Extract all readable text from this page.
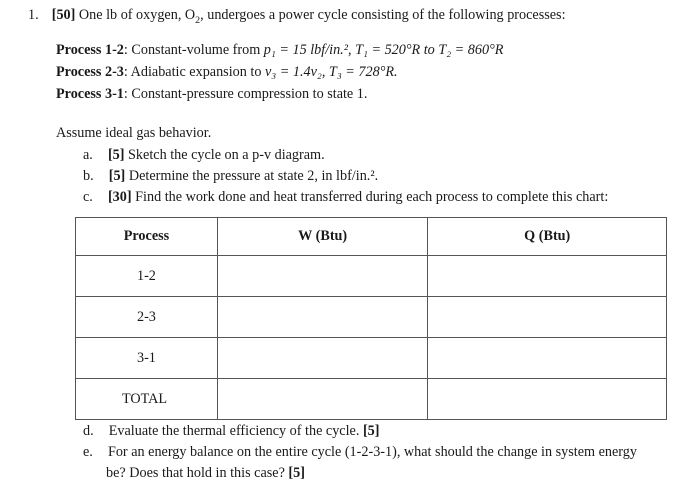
1. [50] One lb of oxygen, $O_2$, undergoes a power cycle consisting of the following processes:
Process 1-2: Constant-volume from p₁ = 15 lbf/in.², T₁ = 520°R to T₂ = 860°R
Process 2-3: Adiabatic expansion to v₃ = 1.4v₂, T₃ = 728°R.
Process 3-1: Constant-pressure compression to state 1.
Assume ideal gas behavior.
a. [5] Sketch the cycle on a p-v diagram.
b. [5] Determine the pressure at state 2, in lbf/in.².
c. [30] Find the work done and heat transferred during each process to complete this chart:
Process	W (Btu)	Q (Btu)
1-2		
2-3		
3-1		
TOTAL		
d. Evaluate the thermal efficiency of the cycle. [5]
e. For an energy balance on the entire cycle (1-2-3-1), what should the change in system energy
be? Does that hold in this case? [5]
